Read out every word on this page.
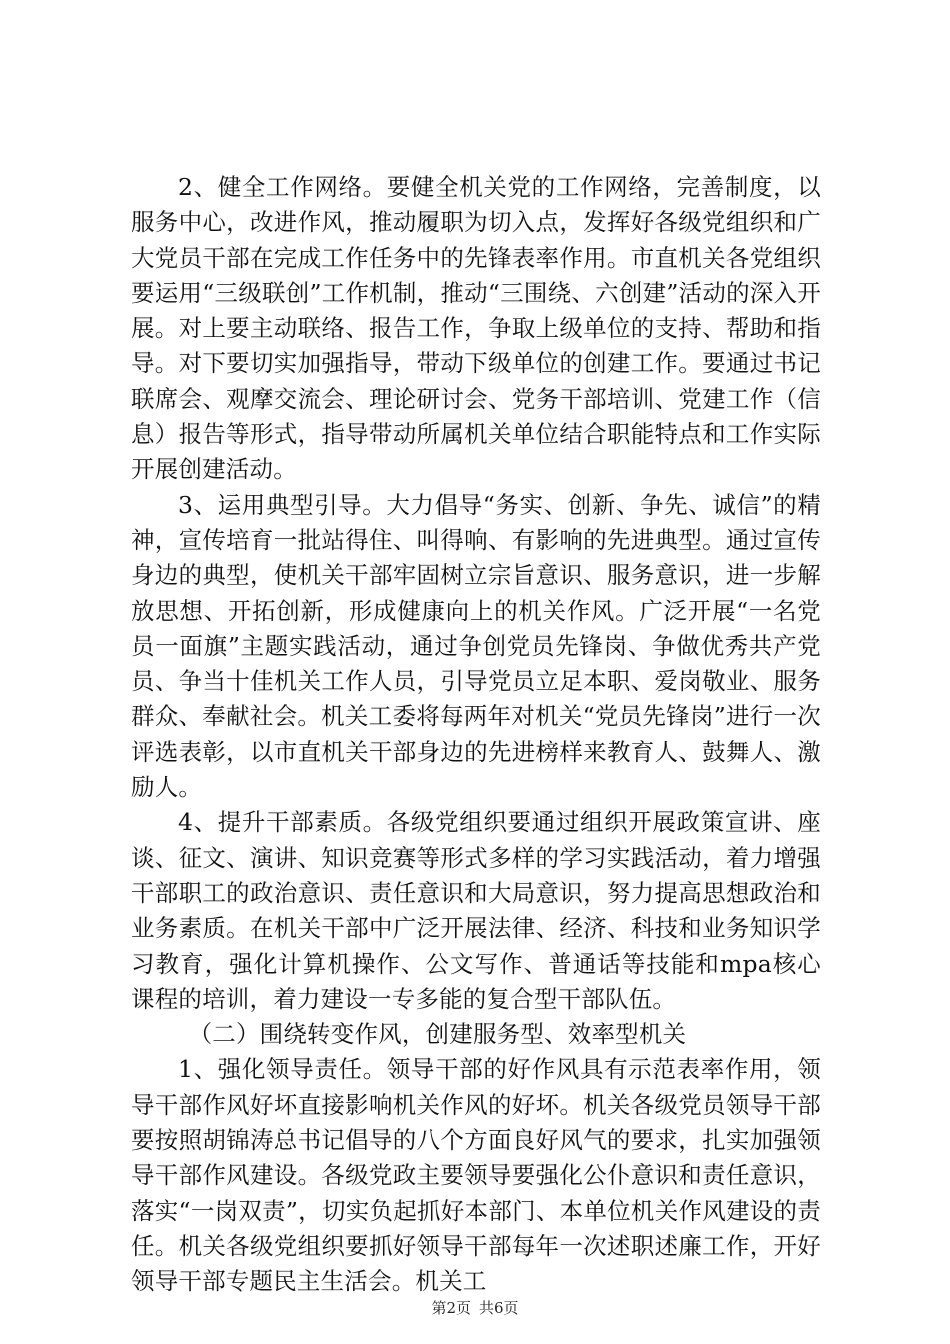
2、健全工作网络。要健全机关党的工作网络，完善制度，以服务中心，改进作风，推动履职为切入点，发挥好各级党组织和广大党员干部在完成工作任务中的先锋表率作用。市直机关各党组织要运用“三级联创”工作机制，推动“三围绕、六创建”活动的深入开展。对上要主动联络、报告工作，争取上级单位的支持、帮助和指导。对下要切实加强指导，带动下级单位的创建工作。要通过书记联席会、观摩交流会、理论研讨会、党务干部培训、党建工作（信息）报告等形式，指导带动所属机关单位结合职能特点和工作实际开展创建活动。

3、运用典型引导。大力倡导“务实、创新、争先、诚信”的精神，宣传培育一批站得住、叫得响、有影响的先进典型。通过宣传身边的典型，使机关干部牢固树立宗旨意识、服务意识，进一步解放思想、开拓创新，形成健康向上的机关作风。广泛开展“一名党员一面旗”主题实践活动，通过争创党员先锋岗、争做优秀共产党员、争当十佳机关工作人员，引导党员立足本职、爱岗敬业、服务群众、奉献社会。机关工委将每两年对机关“党员先锋岗”进行一次评选表彰，以市直机关干部身边的先进榜样来教育人、鼓舞人、激励人。

4、提升干部素质。各级党组织要通过组织开展政策宣讲、座谈、征文、演讲、知识竞赛等形式多样的学习实践活动，着力增强干部职工的政治意识、责任意识和大局意识，努力提高思想政治和业务素质。在机关干部中广泛开展法律、经济、科技和业务知识学习教育，强化计算机操作、公文写作、普通话等技能和mpa核心课程的培训，着力建设一专多能的复合型干部队伍。

（二）围绕转变作风，创建服务型、效率型机关

1、强化领导责任。领导干部的好作风具有示范表率作用，领导干部作风好坏直接影响机关作风的好坏。机关各级党员领导干部要按照胡锦涛总书记倡导的八个方面良好风气的要求，扎实加强领导干部作风建设。各级党政主要领导要强化公仆意识和责任意识，落实“一岗双责”，切实负起抓好本部门、本单位机关作风建设的责任。机关各级党组织要抓好领导干部每年一次述职述廉工作，开好领导干部专题民主生活会。机关工

第2页 共6页
